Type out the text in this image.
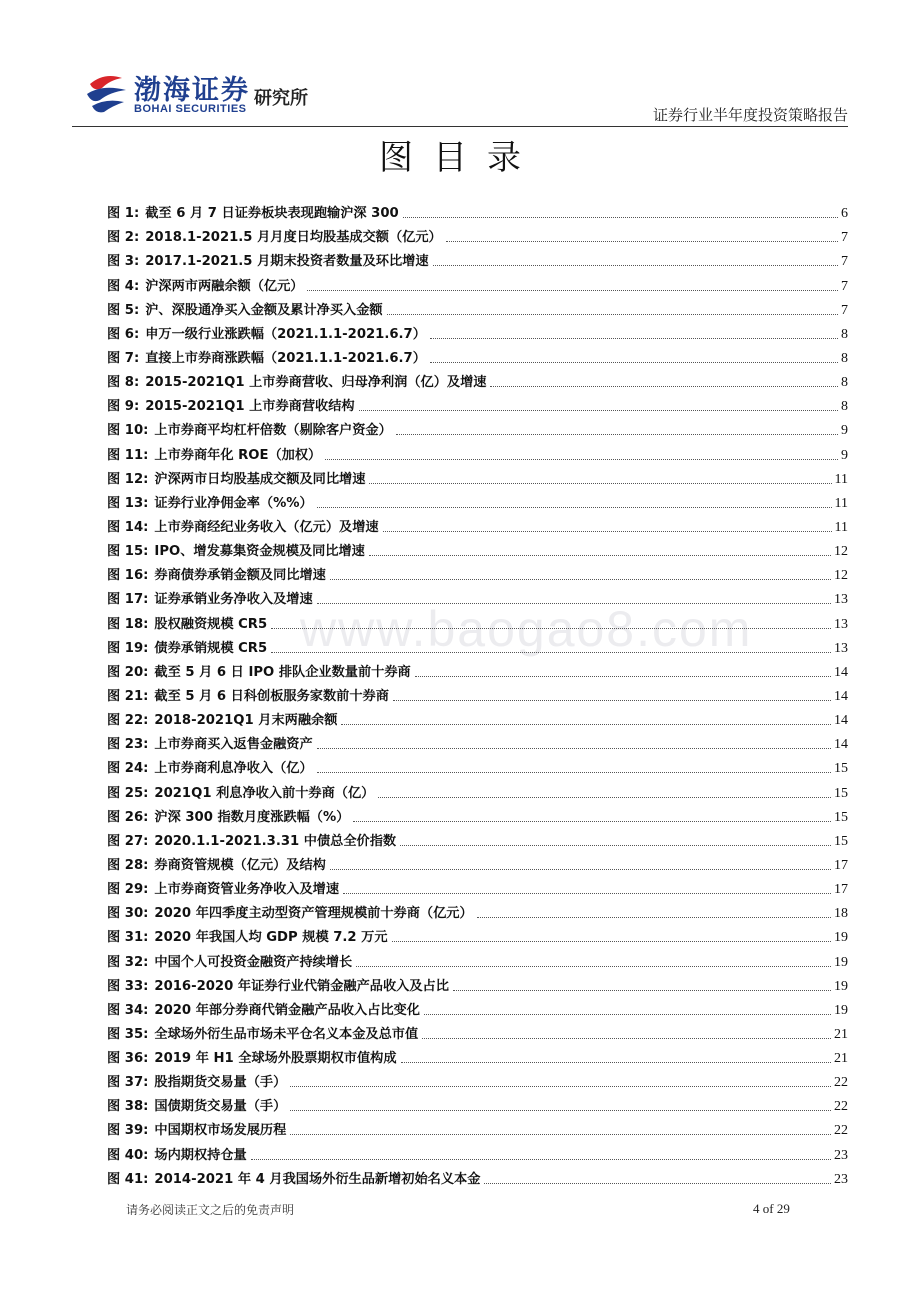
渤海证券
BOHAI SECURITIES 研究所
证券行业半年度投资策略报告
图目录
www.baogao8.com
图 1: 截至 6 月 7 日证券板块表现跑输沪深 300	6
图 2: 2018.1-2021.5 月月度日均股基成交额（亿元）	7
图 3: 2017.1-2021.5 月期末投资者数量及环比增速	7
图 4: 沪深两市两融余额（亿元）	7
图 5: 沪、深股通净买入金额及累计净买入金额	7
图 6: 申万一级行业涨跌幅（2021.1.1-2021.6.7）	8
图 7: 直接上市券商涨跌幅（2021.1.1-2021.6.7）	8
图 8: 2015-2021Q1 上市券商营收、归母净利润（亿）及增速	8
图 9: 2015-2021Q1 上市券商营收结构	8
图 10: 上市券商平均杠杆倍数（剔除客户资金）	9
图 11: 上市券商年化 ROE（加权）	9
图 12: 沪深两市日均股基成交额及同比增速	11
图 13: 证券行业净佣金率（%%）	11
图 14: 上市券商经纪业务收入（亿元）及增速	11
图 15: IPO、增发募集资金规模及同比增速	12
图 16: 券商债券承销金额及同比增速	12
图 17: 证券承销业务净收入及增速	13
图 18: 股权融资规模 CR5	13
图 19: 债券承销规模 CR5	13
图 20: 截至 5 月 6 日 IPO 排队企业数量前十券商	14
图 21: 截至 5 月 6 日科创板服务家数前十券商	14
图 22: 2018-2021Q1 月末两融余额	14
图 23: 上市券商买入返售金融资产	14
图 24: 上市券商利息净收入（亿）	15
图 25: 2021Q1 利息净收入前十券商（亿）	15
图 26: 沪深 300 指数月度涨跌幅（%）	15
图 27: 2020.1.1-2021.3.31 中债总全价指数	15
图 28: 券商资管规模（亿元）及结构	17
图 29: 上市券商资管业务净收入及增速	17
图 30: 2020 年四季度主动型资产管理规模前十券商（亿元）	18
图 31: 2020 年我国人均 GDP 规模 7.2 万元	19
图 32: 中国个人可投资金融资产持续增长	19
图 33: 2016-2020 年证券行业代销金融产品收入及占比	19
图 34: 2020 年部分券商代销金融产品收入占比变化	19
图 35: 全球场外衍生品市场未平仓名义本金及总市值	21
图 36: 2019 年 H1 全球场外股票期权市值构成	21
图 37: 股指期货交易量（手）	22
图 38: 国债期货交易量（手）	22
图 39: 中国期权市场发展历程	22
图 40: 场内期权持仓量	23
图 41: 2014-2021 年 4 月我国场外衍生品新增初始名义本金	23
请务必阅读正文之后的免责声明	4 of 29
